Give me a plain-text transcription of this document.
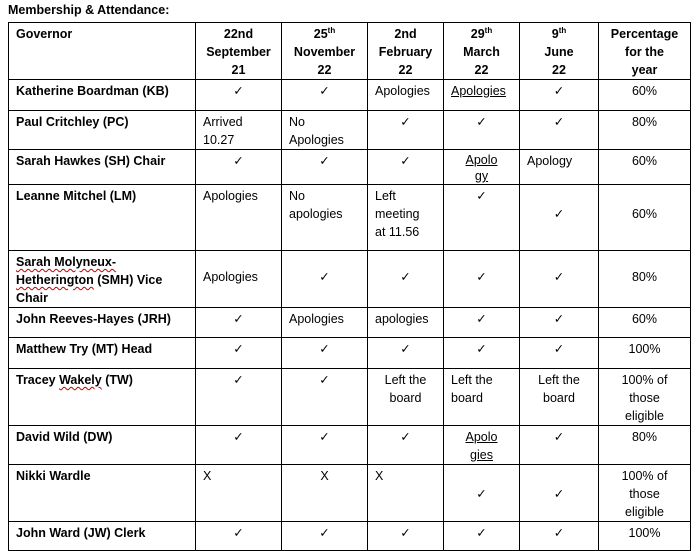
Membership & Attendance:
Governor	22nd
September
21	25th
November
22	2nd
February
22	29th
March
22	9th
June
22	Percentage
for the
year
Katherine Boardman (KB)	✓	✓	Apologies	Apologies	✓	60%
Paul Critchley (PC)	Arrived
10.27	No
Apologies	✓	✓	✓	80%
Sarah Hawkes (SH) Chair	✓	✓	✓	Apolo
gy	Apology	60%
Leanne Mitchel (LM)	Apologies	No
apologies	Left
meeting
at 11.56	✓	✓	60%
Sarah Molyneux-
Hetherington (SMH) Vice
Chair	Apologies	✓	✓	✓	✓	80%
John Reeves-Hayes (JRH)	✓	Apologies	apologies	✓	✓	60%
Matthew Try (MT) Head	✓	✓	✓	✓	✓	100%
Tracey Wakely (TW)	✓	✓	Left the
board	Left the
board	Left the
board	100% of
those
eligible
David Wild (DW)	✓	✓	✓	Apolo
gies	✓	80%
Nikki Wardle	X	X	X	✓	✓	100% of
those
eligible
John Ward (JW) Clerk	✓	✓	✓	✓	✓	100%
